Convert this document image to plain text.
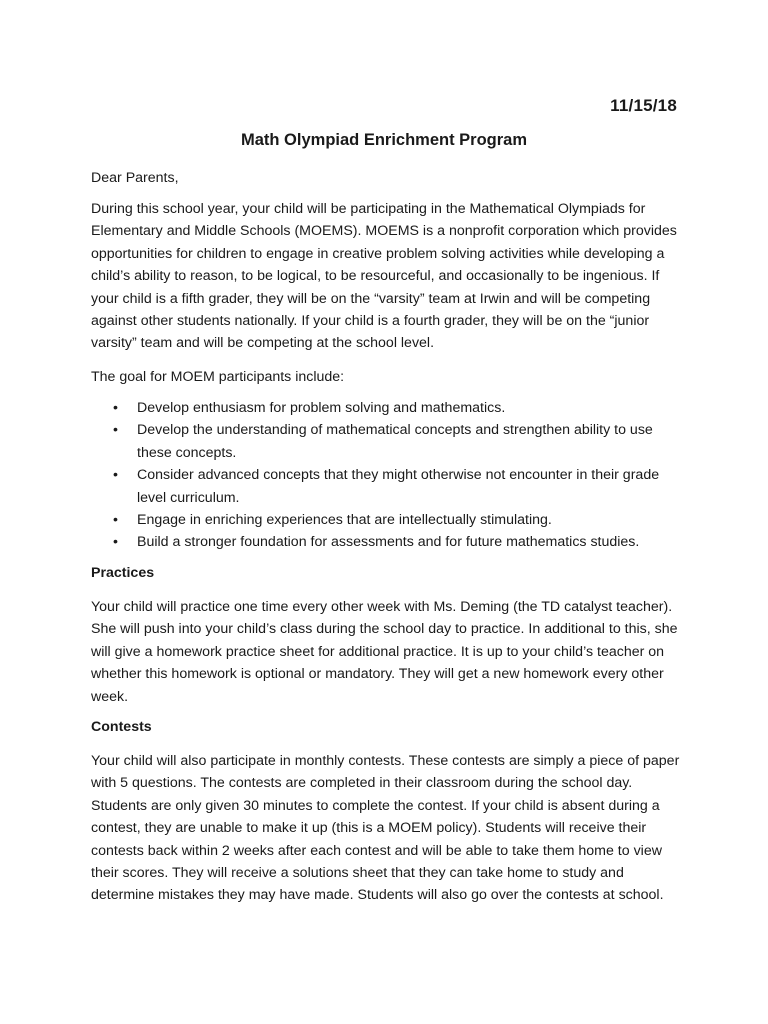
11/15/18
Math Olympiad Enrichment Program

Dear Parents,

During this school year, your child will be participating in the Mathematical Olympiads for Elementary and Middle Schools (MOEMS). MOEMS is a nonprofit corporation which provides opportunities for children to engage in creative problem solving activities while developing a child’s ability to reason, to be logical, to be resourceful, and occasionally to be ingenious. If your child is a fifth grader, they will be on the “varsity” team at Irwin and will be competing against other students nationally. If your child is a fourth grader, they will be on the “junior varsity” team and will be competing at the school level.

The goal for MOEM participants include:

• Develop enthusiasm for problem solving and mathematics.
• Develop the understanding of mathematical concepts and strengthen ability to use these concepts.
• Consider advanced concepts that they might otherwise not encounter in their grade level curriculum.
• Engage in enriching experiences that are intellectually stimulating.
• Build a stronger foundation for assessments and for future mathematics studies.
Practices

Your child will practice one time every other week with Ms. Deming (the TD catalyst teacher). She will push into your child’s class during the school day to practice. In additional to this, she will give a homework practice sheet for additional practice. It is up to your child’s teacher on whether this homework is optional or mandatory. They will get a new homework every other week.

Contests

Your child will also participate in monthly contests. These contests are simply a piece of paper with 5 questions. The contests are completed in their classroom during the school day. Students are only given 30 minutes to complete the contest. If your child is absent during a contest, they are unable to make it up (this is a MOEM policy). Students will receive their contests back within 2 weeks after each contest and will be able to take them home to view their scores. They will receive a solutions sheet that they can take home to study and determine mistakes they may have made. Students will also go over the contests at school.
